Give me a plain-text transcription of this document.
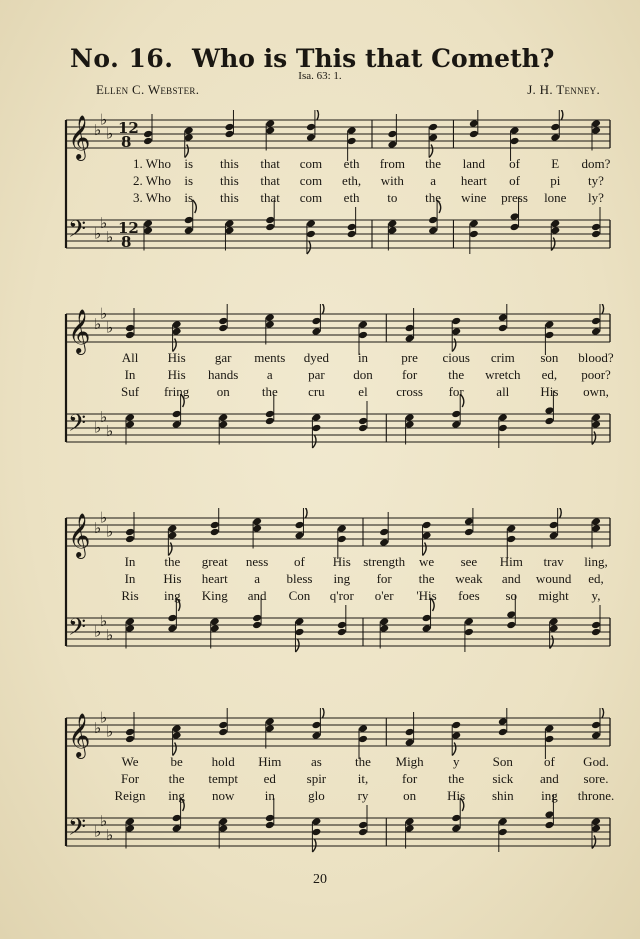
No. 16. Who is This that Cometh?
Isa. 63: 1.
Ellen C. Webster.	J. H. Tenney.
𝄞
𝄢
♭
♭
♭
♭
♭
♭
12
8
12
8
1. Who is this that com eth from the land of E dom?
2. Who is this that com eth, with a heart of pi ty?
3. Who is this that com eth to the wine press lone ly?
𝄞
𝄢
♭
♭
♭
♭
♭
♭
All His gar ments dyed in	pre cious crim son blood?
In His hands a	par don for the wretch ed, poor?
Suf fring on the cru	el cross for	all His own,
𝄞
𝄢
♭
♭
♭
♭
♭
♭
In the great ness of His strength we see Him trav ling,
In His heart a bless ing for the weak and wound ed,
Ris ing King and Con q'ror o'er 'His foes so might y,
𝄞
𝄢
♭
♭
♭
♭
♭
♭
We be hold Him as	the Migh y	Son of God.
For the tempt ed spir it,	for the sick and sore.
Reign ing now in	glo	ry	on His shin ing throne.
20
